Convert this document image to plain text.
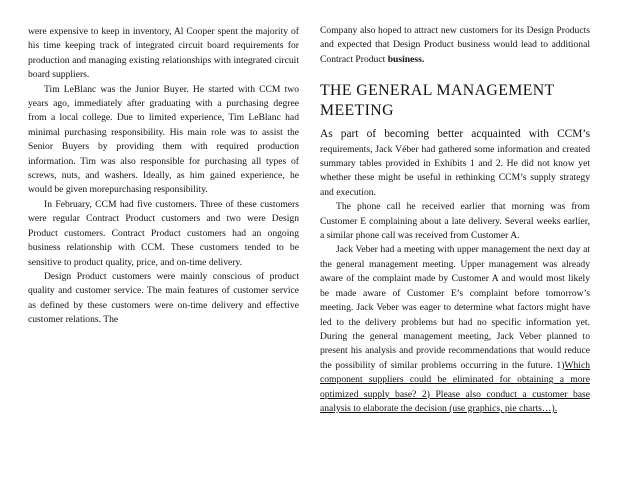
were expensive to keep in inventory, Al Cooper spent the majority of his time keeping track of integrated circuit board requirements for production and managing existing relationships with integrated circuit board suppliers.

Tim LeBlanc was the Junior Buyer. He started with CCM two years ago, immediately after graduating with a purchasing degree from a local college. Due to limited experience, Tim LeBlanc had minimal purchasing responsibility. His main role was to assist the Senior Buyers by providing them with required production information. Tim was also responsible for purchasing all types of screws, nuts, and washers. Ideally, as him gained experience, he would be given morepurchasing responsibility.

In February, CCM had five customers. Three of these customers were regular Contract Product customers and two were Design Product customers. Contract Product customers had an ongoing business relationship with CCM. These customers tended to be sensitive to product quality, price, and on-time delivery.

Design Product customers were mainly conscious of product quality and customer service. The main features of customer service as defined by these customers were on-time delivery and effective customer relations. The

Company also hoped to attract new customers for its Design Products and expected that Design Product business would lead to additional Contract Product business.

THE GENERAL MANAGEMENT MEETING

As part of becoming better acquainted with CCM’s requirements, Jack Véber had gathered some information and created summary tables provided in Exhibits 1 and 2. He did not know yet whether these might be useful in rethinking CCM’s supply strategy and execution.

The phone call he received earlier that morning was from Customer E complaining about a late delivery. Several weeks earlier, a similar phone call was received from Customer A.

Jack Veber had a meeting with upper management the next day at the general management meeting. Upper management was already aware of the complaint made by Customer A and would most likely be made aware of Customer E’s complaint before tomorrow’s meeting. Jack Veber was eager to determine what factors might have led to the delivery problems but had no specific information yet. During the general management meeting, Jack Veber planned to present his analysis and provide recommendations that would reduce the possibility of similar problems occurring in the future. 1)Which component suppliers could be eliminated for obtaining a more optimized supply base? 2) Please also conduct a customer base analysis to elaborate the decision (use graphics, pie charts…).
